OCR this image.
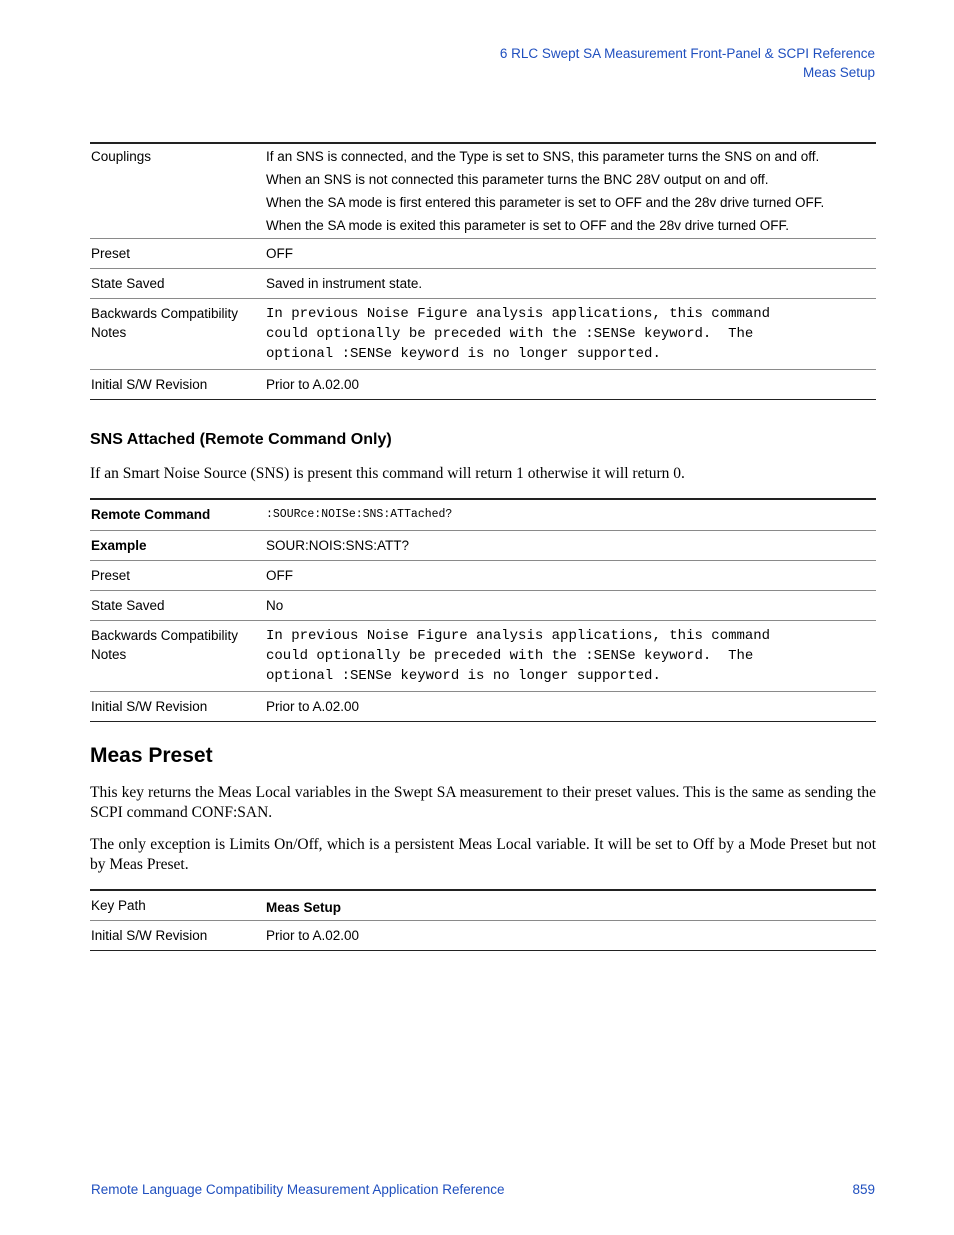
6 RLC Swept SA Measurement Front-Panel & SCPI Reference
Meas Setup
Couplings	If an SNS is connected, and the Type is set to SNS, this parameter turns the SNS on and off.
When an SNS is not connected this parameter turns the BNC 28V output on and off.
When the SA mode is first entered this parameter is set to OFF and the 28v drive turned OFF.
When the SA mode is exited this parameter is set to OFF and the 28v drive turned OFF.

Preset	OFF
State Saved	Saved in instrument state.
Backwards Compatibility Notes	In previous Noise Figure analysis applications, this command
could optionally be preceded with the :SENSe keyword.  The
optional :SENSe keyword is no longer supported.
Initial S/W Revision	Prior to A.02.00
SNS Attached (Remote Command Only)
If an Smart Noise Source (SNS) is present this command will return 1 otherwise it will return 0.
Remote Command	:SOURce:NOISe:SNS:ATTached?
Example	SOUR:NOIS:SNS:ATT?
Preset	OFF
State Saved	No
Backwards Compatibility Notes	In previous Noise Figure analysis applications, this command
could optionally be preceded with the :SENSe keyword.  The
optional :SENSe keyword is no longer supported.
Initial S/W Revision	Prior to A.02.00
Meas Preset
This key returns the Meas Local variables in the Swept SA measurement to their preset values. This is the same as sending the SCPI command CONF:SAN.
The only exception is Limits On/Off, which is a persistent Meas Local variable. It will be set to Off by a Mode Preset but not by Meas Preset.
Key Path	Meas Setup
Initial S/W Revision	Prior to A.02.00
Remote Language Compatibility Measurement Application Reference	859
